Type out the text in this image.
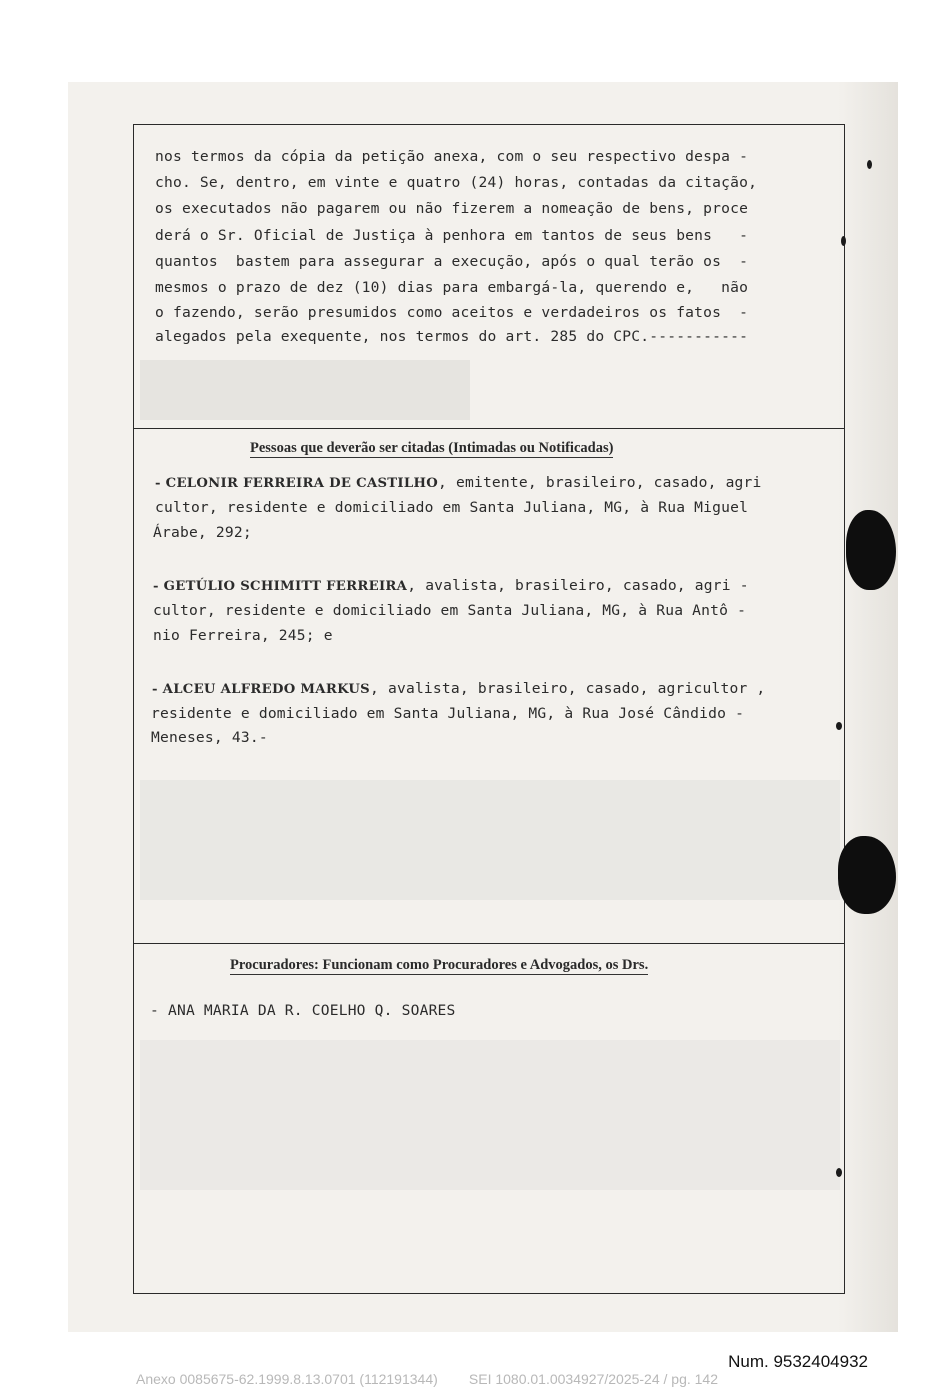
nos termos da cópia da petição anexa, com o seu respectivo despa -
cho. Se, dentro, em vinte e quatro (24) horas, contadas da citação,
os executados não pagarem ou não fizerem a nomeação de bens, proce
derá o Sr. Oficial de Justiça à penhora em tantos de seus bens   -
quantos  bastem para assegurar a execução, após o qual terão os  -
mesmos o prazo de dez (10) dias para embargá-la, querendo e,   não
o fazendo, serão presumidos como aceitos e verdadeiros os fatos  -
alegados pela exequente, nos termos do art. 285 do CPC.-----------
Pessoas que deverão ser citadas (Intimadas ou Notificadas)
- CELONIR FERREIRA DE CASTILHO, emitente, brasileiro, casado, agri
cultor, residente e domiciliado em Santa Juliana, MG, à Rua Miguel
Árabe, 292;
- GETÚLIO SCHIMITT FERREIRA, avalista, brasileiro, casado, agri -
cultor, residente e domiciliado em Santa Juliana, MG, à Rua Antô -
nio Ferreira, 245; e
- ALCEU ALFREDO MARKUS, avalista, brasileiro, casado, agricultor ,
residente e domiciliado em Santa Juliana, MG, à Rua José Cândido -
Meneses, 43.-
Procuradores: Funcionam como Procuradores e Advogados, os Drs.
- ANA MARIA DA R. COELHO Q. SOARES
Num. 9532404932
Anexo 0085675-62.1999.8.13.0701 (112191344)        SEI 1080.01.0034927/2025-24 / pg. 142
